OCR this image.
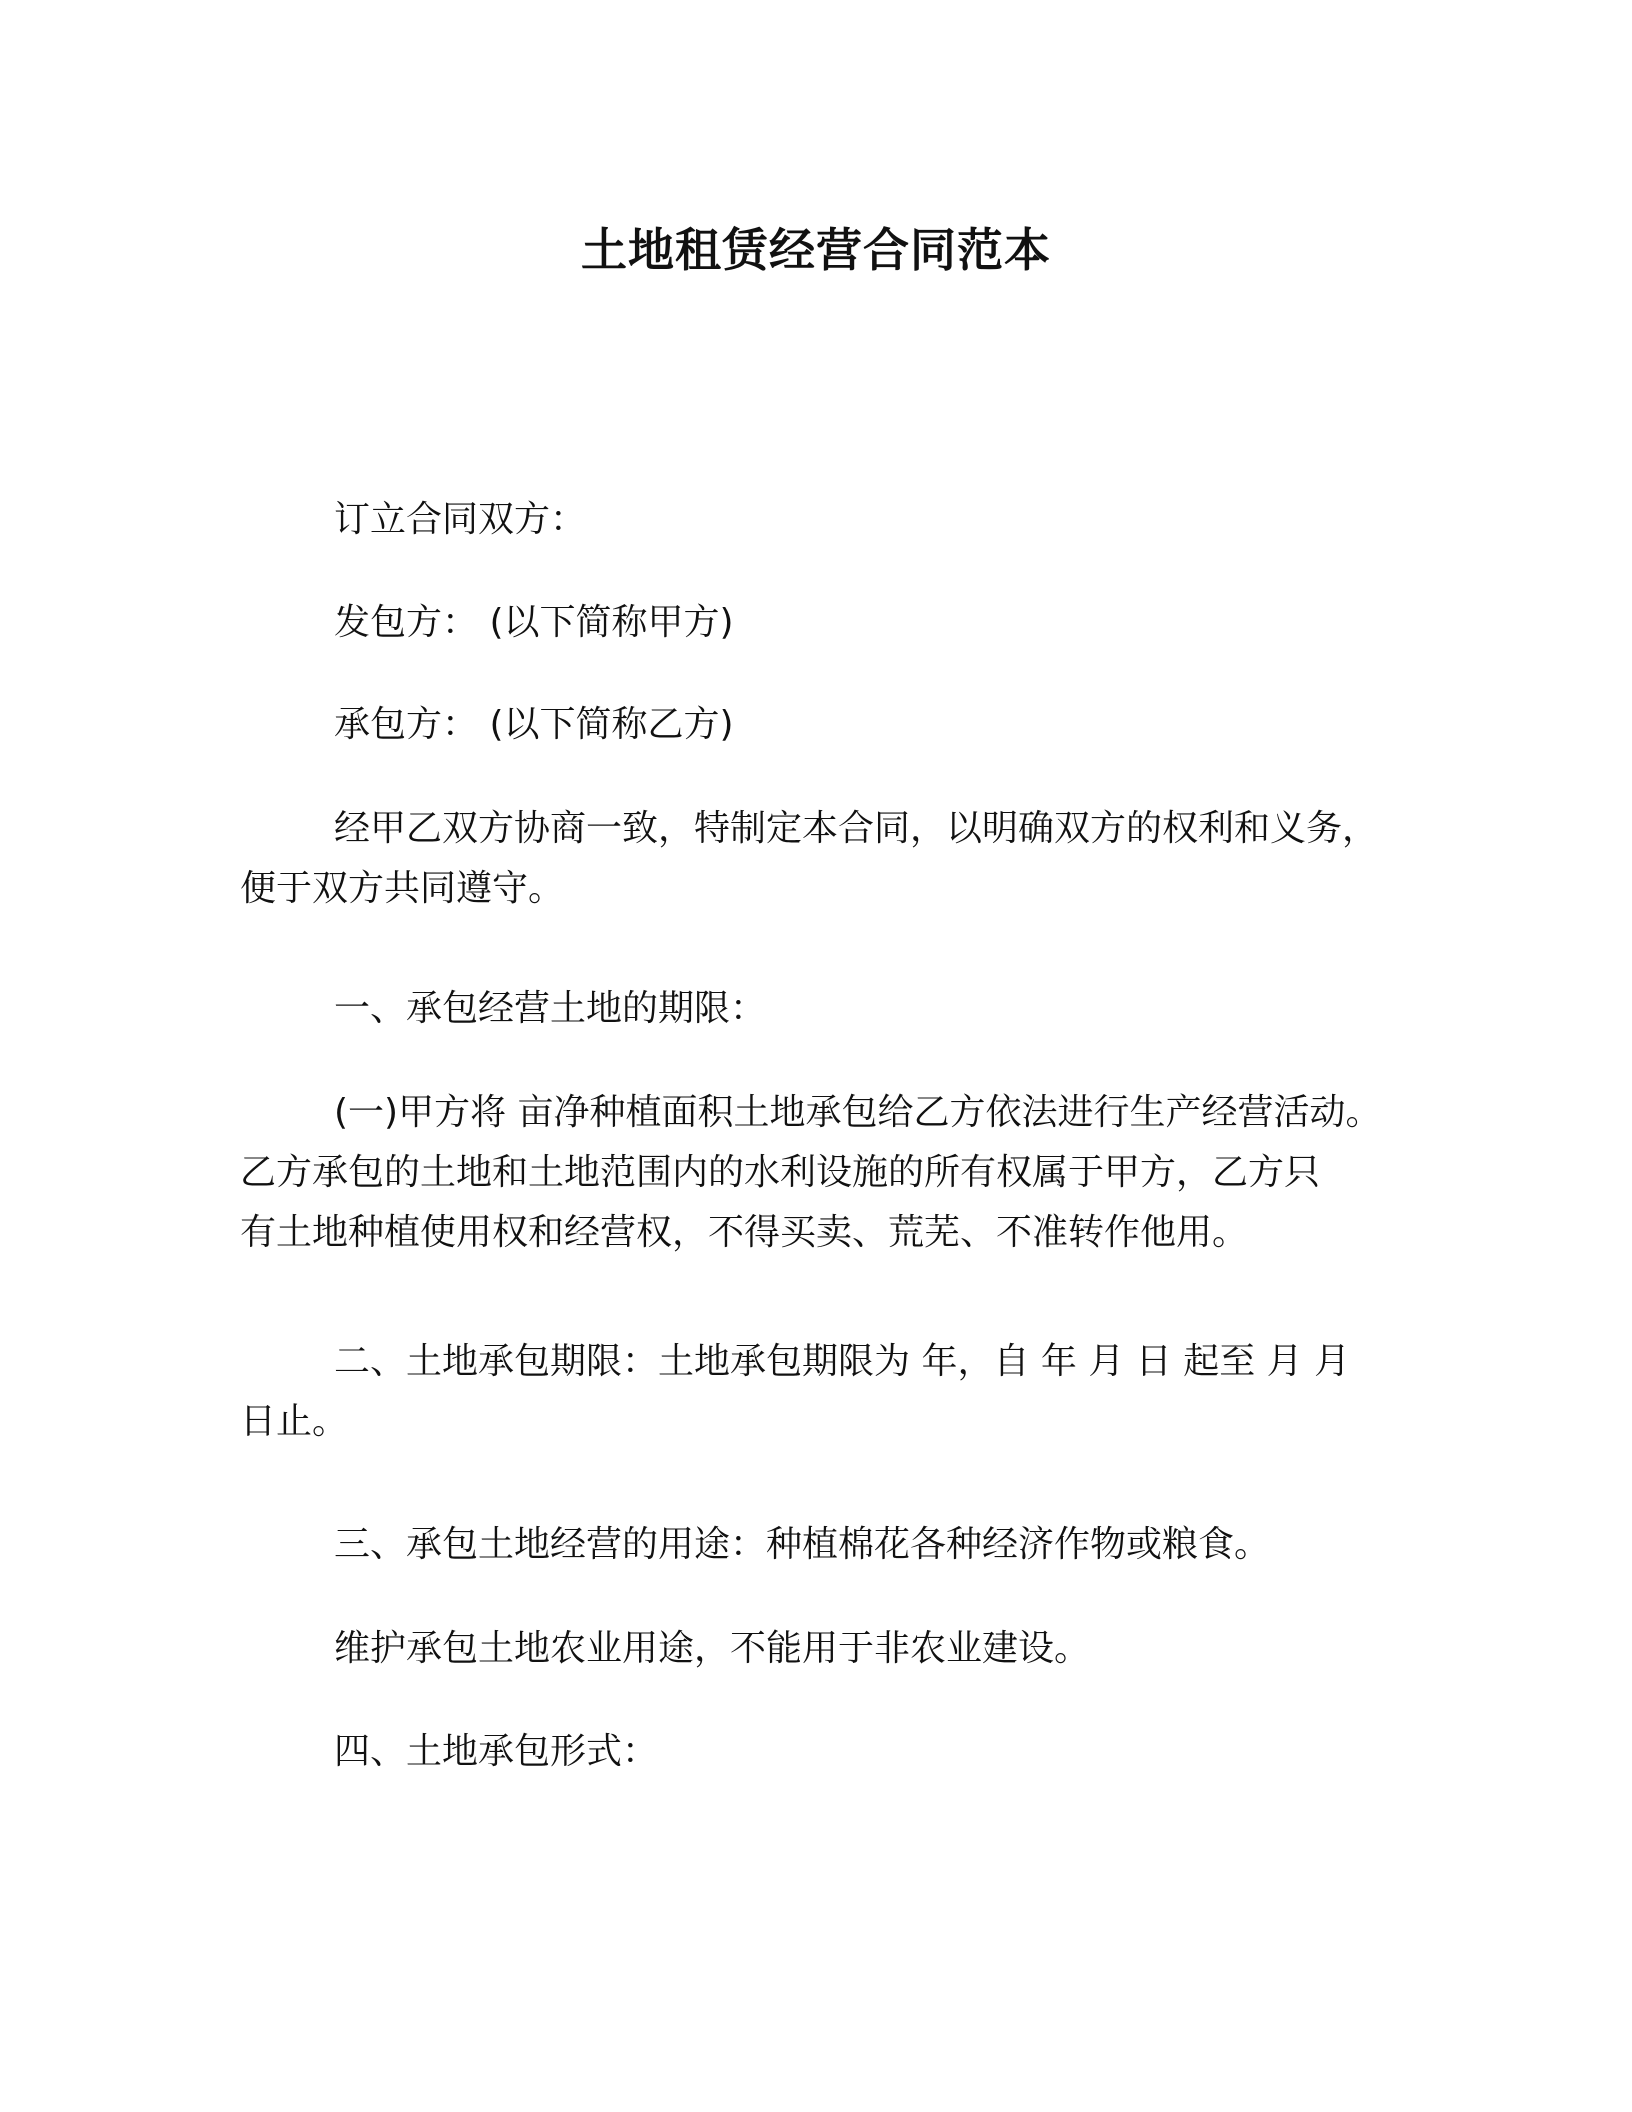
土地租赁经营合同范本

订立合同双方：

发包方： (以下简称甲方)

承包方： (以下简称乙方)

经甲乙双方协商一致，特制定本合同，以明确双方的权利和义务，
便于双方共同遵守。

一、承包经营土地的期限：

(一)甲方将 亩净种植面积土地承包给乙方依法进行生产经营活动。
乙方承包的土地和土地范围内的水利设施的所有权属于甲方，乙方只
有土地种植使用权和经营权，不得买卖、荒芜、不准转作他用。

二、土地承包期限：土地承包期限为 年，自 年 月 日 起至 月 月
日止。

三、承包土地经营的用途：种植棉花各种经济作物或粮食。

维护承包土地农业用途，不能用于非农业建设。

四、土地承包形式：
